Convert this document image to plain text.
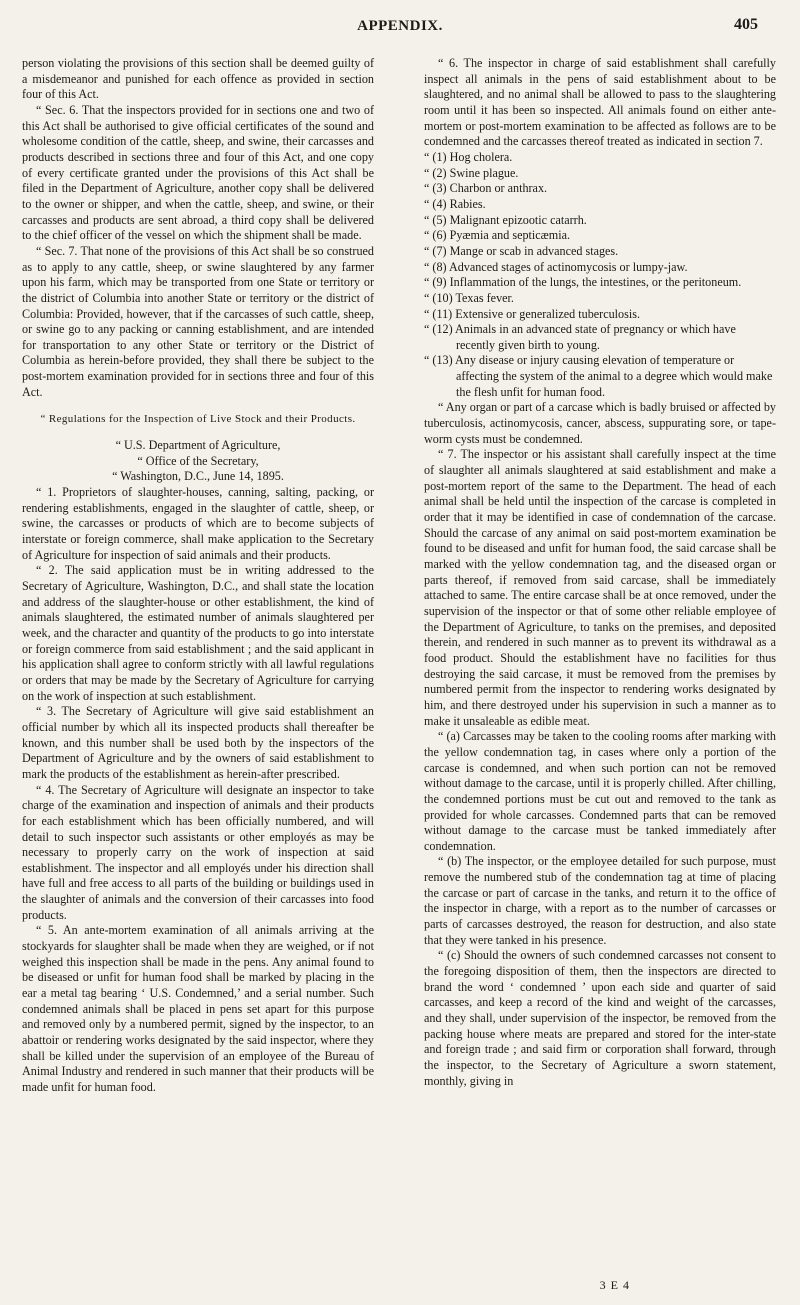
APPENDIX.	405

person violating the provisions of this section shall be deemed guilty of a misdemeanor and punished for each offence as provided in section four of this Act.

“ Sec. 6. That the inspectors provided for in sections one and two of this Act shall be authorised to give official certificates of the sound and wholesome condition of the cattle, sheep, and swine, their carcasses and products described in sections three and four of this Act, and one copy of every certificate granted under the provisions of this Act shall be filed in the Department of Agriculture, another copy shall be delivered to the owner or shipper, and when the cattle, sheep, and swine, or their carcasses and products are sent abroad, a third copy shall be delivered to the chief officer of the vessel on which the shipment shall be made.

“ Sec. 7. That none of the provisions of this Act shall be so construed as to apply to any cattle, sheep, or swine slaughtered by any farmer upon his farm, which may be transported from one State or territory or the district of Columbia into another State or territory or the district of Columbia: Provided, however, that if the carcasses of such cattle, sheep, or swine go to any packing or canning establishment, and are intended for transportation to any other State or territory or the District of Columbia as herein-before provided, they shall there be subject to the post-mortem examination provided for in sections three and four of this Act.

“ Regulations for the Inspection of Live Stock and their Products.

“ U.S. Department of Agriculture,

“ Office of the Secretary,

“ Washington, D.C., June 14, 1895.

“ 1. Proprietors of slaughter-houses, canning, salting, packing, or rendering establishments, engaged in the slaughter of cattle, sheep, or swine, the carcasses or products of which are to become subjects of interstate or foreign commerce, shall make application to the Secretary of Agriculture for inspection of said animals and their products.

“ 2. The said application must be in writing addressed to the Secretary of Agriculture, Washington, D.C., and shall state the location and address of the slaughter-house or other establishment, the kind of animals slaughtered, the estimated number of animals slaughtered per week, and the character and quantity of the products to go into interstate or foreign commerce from said establishment ; and the said applicant in his application shall agree to conform strictly with all lawful regulations or orders that may be made by the Secretary of Agriculture for carrying on the work of inspection at such establishment.

“ 3. The Secretary of Agriculture will give said establishment an official number by which all its inspected products shall thereafter be known, and this number shall be used both by the inspectors of the Department of Agriculture and by the owners of said establishment to mark the products of the establishment as herein-after prescribed.

“ 4. The Secretary of Agriculture will designate an inspector to take charge of the examination and inspection of animals and their products for each establishment which has been officially numbered, and will detail to such inspector such assistants or other employés as may be necessary to properly carry on the work of inspection at said establishment. The inspector and all employés under his direction shall have full and free access to all parts of the building or buildings used in the slaughter of animals and the conversion of their carcasses into food products.

“ 5. An ante-mortem examination of all animals arriving at the stockyards for slaughter shall be made when they are weighed, or if not weighed this inspection shall be made in the pens. Any animal found to be diseased or unfit for human food shall be marked by placing in the ear a metal tag bearing ‘ U.S. Condemned,’ and a serial number. Such condemned animals shall be placed in pens set apart for this purpose and removed only by a numbered permit, signed by the inspector, to an abattoir or rendering works designated by the said inspector, where they shall be killed under the supervision of an employee of the Bureau of Animal Industry and rendered in such manner that their products will be made unfit for human food.

“ 6. The inspector in charge of said establishment shall carefully inspect all animals in the pens of said establishment about to be slaughtered, and no animal shall be allowed to pass to the slaughtering room until it has been so inspected. All animals found on either ante-mortem or post-mortem examination to be affected as follows are to be condemned and the carcasses thereof treated as indicated in section 7.

“ (1) Hog cholera.
“ (2) Swine plague.
“ (3) Charbon or anthrax.
“ (4) Rabies.
“ (5) Malignant epizootic catarrh.
“ (6) Pyæmia and septicæmia.
“ (7) Mange or scab in advanced stages.
“ (8) Advanced stages of actinomycosis or lumpy-jaw.
“ (9) Inflammation of the lungs, the intestines, or the peritoneum.
“ (10) Texas fever.
“ (11) Extensive or generalized tuberculosis.
“ (12) Animals in an advanced state of pregnancy or which have recently given birth to young.
“ (13) Any disease or injury causing elevation of temperature or affecting the system of the animal to a degree which would make the flesh unfit for human food.

“ Any organ or part of a carcase which is badly bruised or affected by tuberculosis, actinomycosis, cancer, abscess, suppurating sore, or tape-worm cysts must be condemned.

“ 7. The inspector or his assistant shall carefully inspect at the time of slaughter all animals slaughtered at said establishment and make a post-mortem report of the same to the Department. The head of each animal shall be held until the inspection of the carcase is completed in order that it may be identified in case of condemnation of the carcase. Should the carcase of any animal on said post-mortem examination be found to be diseased and unfit for human food, the said carcase shall be marked with the yellow condemnation tag, and the diseased organ or parts thereof, if removed from said carcase, shall be immediately attached to same. The entire carcase shall be at once removed, under the supervision of the inspector or that of some other reliable employee of the Department of Agriculture, to tanks on the premises, and deposited therein, and rendered in such manner as to prevent its withdrawal as a food product. Should the establishment have no facilities for thus destroying the said carcase, it must be removed from the premises by numbered permit from the inspector to rendering works designated by him, and there destroyed under his supervision in such a manner as to make it unsaleable as edible meat.

“ (a) Carcasses may be taken to the cooling rooms after marking with the yellow condemnation tag, in cases where only a portion of the carcase is condemned, and when such portion can not be removed without damage to the carcase, until it is properly chilled. After chilling, the condemned portions must be cut out and removed to the tank as provided for whole carcasses. Condemned parts that can be removed without damage to the carcase must be tanked immediately after condemnation.

“ (b) The inspector, or the employee detailed for such purpose, must remove the numbered stub of the condemnation tag at time of placing the carcase or part of carcase in the tanks, and return it to the office of the inspector in charge, with a report as to the number of carcasses or parts of carcasses destroyed, the reason for destruction, and also state that they were tanked in his presence.

“ (c) Should the owners of such condemned carcasses not consent to the foregoing disposition of them, then the inspectors are directed to brand the word ‘ condemned ’ upon each side and quarter of said carcasses, and keep a record of the kind and weight of the carcasses, and they shall, under supervision of the inspector, be removed from the packing house where meats are prepared and stored for the inter-state and foreign trade ; and said firm or corporation shall forward, through the inspector, to the Secretary of Agriculture a sworn statement, monthly, giving in

3 E 4
